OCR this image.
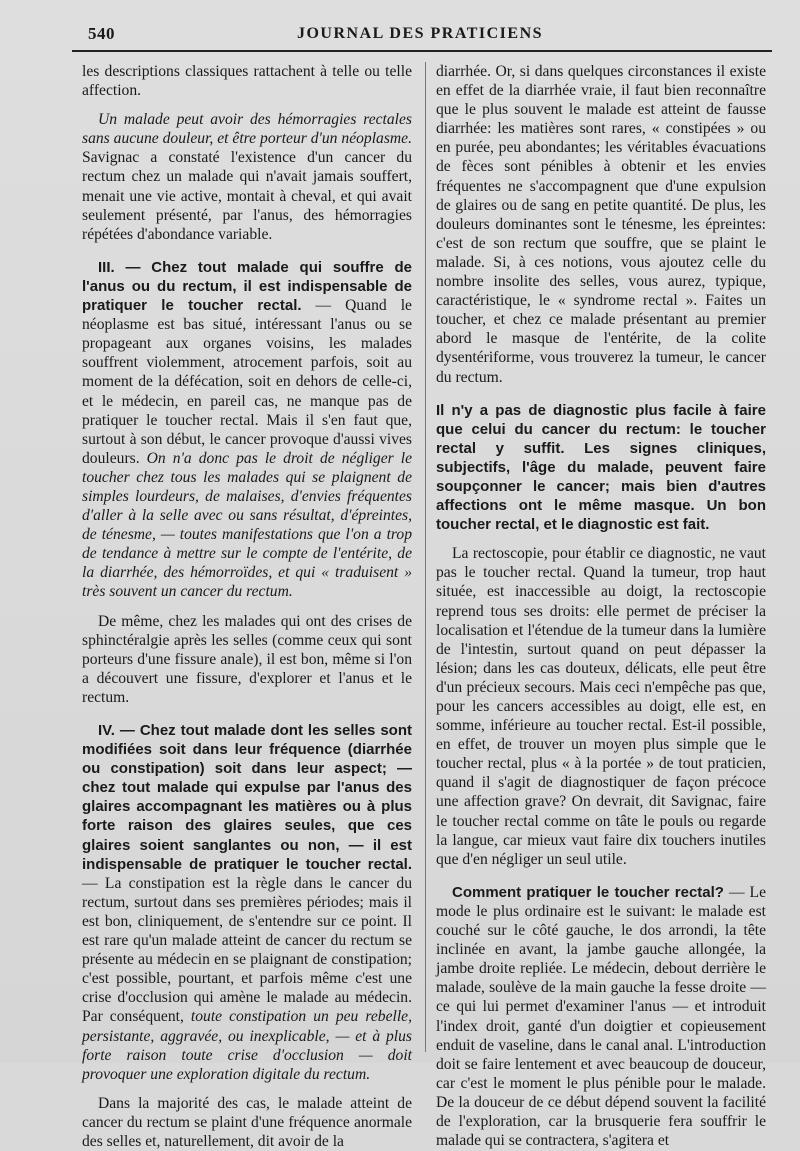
540	JOURNAL DES PRATICIENS

les descriptions classiques rattachent à telle ou telle affection.

Un malade peut avoir des hémorragies rectales sans aucune douleur, et être porteur d'un néoplasme. Savignac a constaté l'existence d'un cancer du rectum chez un malade qui n'avait jamais souffert, menait une vie active, montait à cheval, et qui avait seulement présenté, par l'anus, des hémorragies répétées d'abondance variable.

III. — Chez tout malade qui souffre de l'anus ou du rectum, il est indispensable de pratiquer le toucher rectal. — Quand le néoplasme est bas situé, intéressant l'anus ou se propageant aux organes voisins, les malades souffrent violemment, atrocement parfois, soit au moment de la défécation, soit en dehors de celle-ci, et le médecin, en pareil cas, ne manque pas de pratiquer le toucher rectal. Mais il s'en faut que, surtout à son début, le cancer provoque d'aussi vives douleurs. On n'a donc pas le droit de négliger le toucher chez tous les malades qui se plaignent de simples lourdeurs, de malaises, d'envies fréquentes d'aller à la selle avec ou sans résultat, d'épreintes, de ténesme, — toutes manifestations que l'on a trop de tendance à mettre sur le compte de l'entérite, de la diarrhée, des hémorroïdes, et qui « traduisent » très souvent un cancer du rectum.

De même, chez les malades qui ont des crises de sphinctéralgie après les selles (comme ceux qui sont porteurs d'une fissure anale), il est bon, même si l'on a découvert une fissure, d'explorer et l'anus et le rectum.

IV. — Chez tout malade dont les selles sont modifiées soit dans leur fréquence (diarrhée ou constipation) soit dans leur aspect; — chez tout malade qui expulse par l'anus des glaires accompagnant les matières ou à plus forte raison des glaires seules, que ces glaires soient sanglantes ou non, — il est indispensable de pratiquer le toucher rectal. — La constipation est la règle dans le cancer du rectum, surtout dans ses premières périodes; mais il est bon, cliniquement, de s'entendre sur ce point. Il est rare qu'un malade atteint de cancer du rectum se présente au médecin en se plaignant de constipation; c'est possible, pourtant, et parfois même c'est une crise d'occlusion qui amène le malade au médecin. Par conséquent, toute constipation un peu rebelle, persistante, aggravée, ou inexplicable, — et à plus forte raison toute crise d'occlusion — doit provoquer une exploration digitale du rectum.

Dans la majorité des cas, le malade atteint de cancer du rectum se plaint d'une fréquence anormale des selles et, naturellement, dit avoir de la

diarrhée. Or, si dans quelques circonstances il existe en effet de la diarrhée vraie, il faut bien reconnaître que le plus souvent le malade est atteint de fausse diarrhée: les matières sont rares, « constipées » ou en purée, peu abondantes; les véritables évacuations de fèces sont pénibles à obtenir et les envies fréquentes ne s'accompagnent que d'une expulsion de glaires ou de sang en petite quantité. De plus, les douleurs dominantes sont le ténesme, les épreintes: c'est de son rectum que souffre, que se plaint le malade. Si, à ces notions, vous ajoutez celle du nombre insolite des selles, vous aurez, typique, caractéristique, le « syndrome rectal ». Faites un toucher, et chez ce malade présentant au premier abord le masque de l'entérite, de la colite dysentériforme, vous trouverez la tumeur, le cancer du rectum.

Il n'y a pas de diagnostic plus facile à faire que celui du cancer du rectum: le toucher rectal y suffit. Les signes cliniques, subjectifs, l'âge du malade, peuvent faire soupçonner le cancer; mais bien d'autres affections ont le même masque. Un bon toucher rectal, et le diagnostic est fait.

La rectoscopie, pour établir ce diagnostic, ne vaut pas le toucher rectal. Quand la tumeur, trop haut située, est inaccessible au doigt, la rectoscopie reprend tous ses droits: elle permet de préciser la localisation et l'étendue de la tumeur dans la lumière de l'intestin, surtout quand on peut dépasser la lésion; dans les cas douteux, délicats, elle peut être d'un précieux secours. Mais ceci n'empêche pas que, pour les cancers accessibles au doigt, elle est, en somme, inférieure au toucher rectal. Est-il possible, en effet, de trouver un moyen plus simple que le toucher rectal, plus « à la portée » de tout praticien, quand il s'agit de diagnostiquer de façon précoce une affection grave? On devrait, dit Savignac, faire le toucher rectal comme on tâte le pouls ou regarde la langue, car mieux vaut faire dix touchers inutiles que d'en négliger un seul utile.

Comment pratiquer le toucher rectal? — Le mode le plus ordinaire est le suivant: le malade est couché sur le côté gauche, le dos arrondi, la tête inclinée en avant, la jambe gauche allongée, la jambe droite repliée. Le médecin, debout derrière le malade, soulève de la main gauche la fesse droite — ce qui lui permet d'examiner l'anus — et introduit l'index droit, ganté d'un doigtier et copieusement enduit de vaseline, dans le canal anal. L'introduction doit se faire lentement et avec beaucoup de douceur, car c'est le moment le plus pénible pour le malade. De la douceur de ce début dépend souvent la facilité de l'exploration, car la brusquerie fera souffrir le malade qui se contractera, s'agitera et
